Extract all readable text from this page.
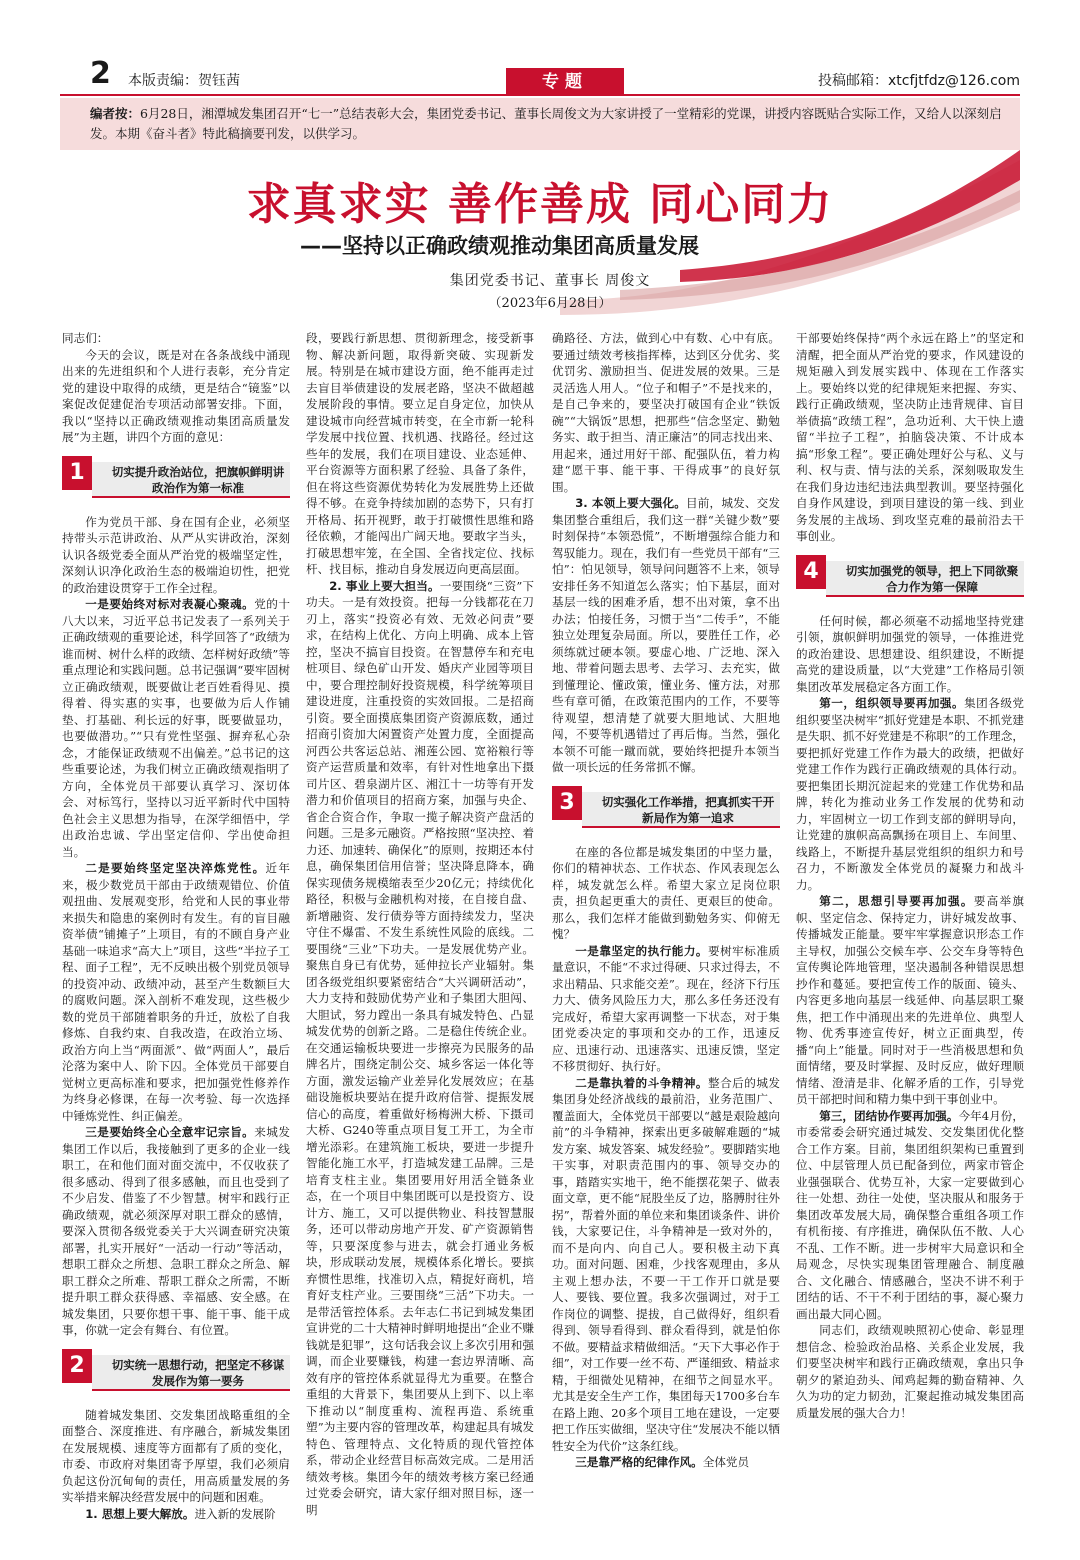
2 本版责编：贺钰茜	专题	投稿邮箱：xtcfjtfdz@126.com
编者按：6月28日，湘潭城发集团召开“七一”总结表彰大会，集团党委书记、董事长周俊文为大家讲授了一堂精彩的党课，讲授内容既贴合实际工作，又给人以深刻启发。本期《奋斗者》特此稿摘要刊发，以供学习。
求真求实 善作善成 同心同力
——坚持以正确政绩观推动集团高质量发展
集团党委书记、董事长 周俊文
（2023年6月28日）

同志们：

今天的会议，既是对在各条战线中涌现出来的先进组织和个人进行表彰，充分肯定党的建设中取得的成绩，更是结合“镜鉴”以案促改促建促治专项活动部署安排。下面，我以“坚持以正确政绩观推动集团高质量发展”为主题，讲四个方面的意见：

1	切实提升政治站位，把旗帜鲜明讲政治作为第一标准

作为党员干部、身在国有企业，必须坚持带头示范讲政治、从严从实讲政治，深刻认识各级党委全面从严治党的极端坚定性，深刻认识净化政治生态的极端迫切性，把党的政治建设贯穿于工作全过程。

一是要始终对标对表凝心聚魂。党的十八大以来，习近平总书记发表了一系列关于正确政绩观的重要论述，科学回答了“政绩为谁而树、树什么样的政绩、怎样树好政绩”等重点理论和实践问题。总书记强调“要牢固树立正确政绩观，既要做让老百姓看得见、摸得着、得实惠的实事，也要做为后人作铺垫、打基础、利长远的好事，既要做显功，也要做潜功。”“只有党性坚强、摒弃私心杂念，才能保证政绩观不出偏差。”总书记的这些重要论述，为我们树立正确政绩观指明了方向，全体党员干部要认真学习、深切体会、对标笃行，坚持以习近平新时代中国特色社会主义思想为指导，在深学细悟中，学出政治忠诚、学出坚定信仰、学出使命担当。

二是要始终坚定坚决淬炼党性。近年来，极少数党员干部由于政绩观错位、价值观扭曲、发展观变形，给党和人民的事业带来损失和隐患的案例时有发生。有的盲目融资举债“铺摊子”上项目，有的不顾自身产业基础一味追求“高大上”项目，这些“半拉子工程、面子工程”，无不反映出极个别党员领导的投资冲动、政绩冲动，甚至产生数额巨大的腐败问题。深入剖析不难发现，这些极少数的党员干部随着职务的升迁，放松了自我修炼、自我约束、自我改造，在政治立场、政治方向上当“两面派”、做“两面人”，最后沦落为案中人、阶下囚。全体党员干部要自觉树立更高标准和要求，把加强党性修养作为终身必修课，在每一次考验、每一次选择中锤炼党性、纠正偏差。

三是要始终全心全意牢记宗旨。来城发集团工作以后，我接触到了更多的企业一线职工，在和他们面对面交流中，不仅收获了很多感动、得到了很多感触，而且也受到了不少启发、借鉴了不少智慧。树牢和践行正确政绩观，就必须深厚对职工群众的感情，要深入贯彻各级党委关于大兴调查研究决策部署，扎实开展好“一活动一行动”等活动，想职工群众之所想、急职工群众之所急、解职工群众之所难、帮职工群众之所需，不断提升职工群众获得感、幸福感、安全感。在城发集团，只要你想干事、能干事、能干成事，你就一定会有舞台、有位置。

2	切实统一思想行动，把坚定不移谋发展作为第一要务

随着城发集团、交发集团战略重组的全面整合、深度推进、有序融合，新城发集团在发展规模、速度等方面都有了质的变化，市委、市政府对集团寄予厚望，我们必须肩负起这份沉甸甸的责任，用高质量发展的务实举措来解决经营发展中的问题和困难。

1. 思想上要大解放。进入新的发展阶

段，要践行新思想、贯彻新理念，接受新事物、解决新问题，取得新突破、实现新发展。特别是在城市建设方面，绝不能再走过去盲目举债建设的发展老路，坚决不做超越发展阶段的事情。要立足自身定位，加快从建设城市向经营城市转变，在全市新一轮科学发展中找位置、找机遇、找路径。经过这些年的发展，我们在项目建设、业态延伸、平台资源等方面积累了经验、具备了条件，但在将这些资源优势转化为发展胜势上还做得不够。在竞争持续加剧的态势下，只有打开格局、拓开视野，敢于打破惯性思维和路径依赖，才能闯出广阔天地。要敢字当头，打破思想牢笼，在全国、全省找定位、找标杆、找目标，推动自身发展迈向更高层面。

2. 事业上要大担当。一要围绕“三资”下功夫。一是有效投资。把每一分钱都花在刀刃上，落实“投资必有效、无效必问责”要求，在结构上优化、方向上明确、成本上管控，坚决不搞盲目投资。在智慧停车和充电桩项目、绿色矿山开发、婚庆产业园等项目中，要合理控制好投资规模，科学统筹项目建设进度，注重投资的实效回报。二是招商引资。要全面摸底集团资产资源底数，通过招商引资加大闲置资产处置力度，全面提高河西公共客运总站、湘莲公园、宽裕粮行等资产运营质量和效率，有针对性地拿出下摄司片区、碧泉湖片区、湘江十一坊等有开发潜力和价值项目的招商方案，加强与央企、省企合资合作，争取一揽子解决资产盘活的问题。三是多元融资。严格按照“坚决控、着力还、加速转、确保化”的原则，按期还本付息，确保集团信用信誉；坚决降息降本，确保实现债务规模缩表至少20亿元；持续优化路径，积极与金融机构对接，在自接自盘、新增融资、发行债券等方面持续发力，坚决守住不爆雷、不发生系统性风险的底线。二要围绕“三业”下功夫。一是发展优势产业。聚焦自身已有优势，延伸拉长产业辐射。集团各级党组织要紧密结合“大兴调研活动”，大力支持和鼓励优势产业和子集团大胆闯、大胆试，努力蹚出一条具有城发特色、凸显城发优势的创新之路。二是稳住传统企业。在交通运输板块要进一步擦亮为民服务的品牌名片，围绕定制公交、城乡客运一体化等方面，激发运输产业差异化发展效应；在基础设施板块要站在提升政府信誉、提振发展信心的高度，着重做好杨梅洲大桥、下摄司大桥、G240等重点项目复工开工，为全市增光添彩。在建筑施工板块，要进一步提升智能化施工水平，打造城发建工品牌。三是培育支柱主业。集团要用好用活全链条业态，在一个项目中集团既可以是投资方、设计方、施工，又可以提供物业、科技智慧服务，还可以带动房地产开发、矿产资源销售等，只要深度参与进去，就会打通业务板块，形成联动发展，规模体系化增长。要摈弃惯性思维，找准切入点，精捉好商机，培育好支柱产业。三要围绕“三活”下功夫。一是带活管控体系。去年志仁书记到城发集团宣讲党的二十大精神时鲜明地提出“企业不赚钱就是犯罪”，这句话我会议上多次引用和强调，而企业要赚钱，构建一套边界清晰、高效有序的管控体系就显得尤为重要。在整合重组的大背景下，集团要从上到下、以上率下推动以“制度重构、流程再造、系统重塑”为主要内容的管理改革，构建起具有城发特色、管理特点、文化特质的现代管控体系，带动企业经营目标高效完成。二是用活绩效考核。集团今年的绩效考核方案已经通过党委会研究，请大家仔细对照目标，逐一明

确路径、方法，做到心中有数、心中有底。要通过绩效考核指挥棒，达到区分优劣、奖优罚劣、激励担当、促进发展的效果。三是灵活选人用人。“位子和帽子”不是找来的，是自己争来的，要坚决打破国有企业“铁饭碗”“大锅饭”思想，把那些“信念坚定、勤勉务实、敢于担当、清正廉洁”的同志找出来、用起来，通过用好干部、配强队伍，着力构建“愿干事、能干事、干得成事”的良好氛围。

3. 本领上要大强化。目前，城发、交发集团整合重组后，我们这一群“关键少数”要时刻保持“本领恐慌”，不断增强综合能力和驾驭能力。现在，我们有一些党员干部有“三怕”：怕见领导，领导问问题答不上来，领导安排任务不知道怎么落实；怕下基层，面对基层一线的困难矛盾，想不出对策，拿不出办法；怕接任务，习惯于当“二传手”，不能独立处理复杂局面。所以，要胜任工作，必须练就过硬本领。要虚心地、广泛地、深入地、带着问题去思考、去学习、去充实，做到懂理论、懂政策，懂业务、懂方法，对那些有章可循，在政策范围内的工作，不要等待观望，想清楚了就要大胆地试、大胆地闯，不要等机遇错过了再后悔。当然，强化本领不可能一蹴而就，要始终把提升本领当做一项长远的任务常抓不懈。

3	切实强化工作举措，把真抓实干开新局作为第一追求

在座的各位都是城发集团的中坚力量，你们的精神状态、工作状态、作风表现怎么样，城发就怎么样。希望大家立足岗位职责，担负起更重大的责任、更艰巨的使命。那么，我们怎样才能做到勤勉务实、仰俯无愧？

一是靠坚定的执行能力。要树牢标准质量意识，不能“不求过得硬、只求过得去，不求出精品、只求能交差”。现在，经济下行压力大、债务风险压力大，那么多任务还没有完成好，希望大家再调整一下状态，对于集团党委决定的事项和交办的工作，迅速反应、迅速行动、迅速落实、迅速反馈，坚定不移贯彻好、执行好。

二是靠执着的斗争精神。整合后的城发集团身处经济战线的最前沿，业务范围广、覆盖面大，全体党员干部要以“越是艰险越向前”的斗争精神，探索出更多破解难题的“城发方案、城发答案、城发经验”。要脚踏实地干实事，对职责范围内的事、领导交办的事，踏踏实实地干，绝不能摆花架子、做表面文章，更不能“屁股坐反了边，胳膊肘往外拐”，帮着外面的单位来和集团谈条件、讲价钱，大家要记住，斗争精神是一致对外的，而不是向内、向自己人。要积极主动下真功。面对问题、困难，少找客观理由，多从主观上想办法，不要一干工作开口就是要人、要钱、要位置。我多次强调过，对于工作岗位的调整、提拔，自己做得好，组织看得到、领导看得到、群众看得到，就是怕你不做。要精益求精做细活。“天下大事必作于细”，对工作要一丝不苟、严谨细致、精益求精，于细微处见精神，在细节之间显水平。尤其是安全生产工作，集团每天1700多台车在路上跑、20多个项目工地在建设，一定要把工作压实做细，坚决守住“发展决不能以牺牲安全为代价”这条红线。

三是靠严格的纪律作风。全体党员

干部要始终保持“两个永远在路上”的坚定和清醒，把全面从严治党的要求，作风建设的规矩融入到发展实践中、体现在工作落实上。要始终以党的纪律规矩来把握、夯实、践行正确政绩观，坚决防止违背规律、盲目举债搞“政绩工程”，急功近利、大干快上遗留“半拉子工程”，拍脑袋决策、不计成本搞“形象工程”。要正确处理好公与私、义与利、权与责、情与法的关系，深刻吸取发生在我们身边违纪违法典型教训。要坚持强化自身作风建设，到项目建设的第一线、到业务发展的主战场、到攻坚克难的最前沿去干事创业。

4	切实加强党的领导，把上下同欲聚合力作为第一保障

任何时候，都必须毫不动摇地坚持党建引领，旗帜鲜明加强党的领导，一体推进党的政治建设、思想建设、组织建设，不断提高党的建设质量，以“大党建”工作格局引领集团改革发展稳定各方面工作。

第一，组织领导要再加强。集团各级党组织要坚决树牢“抓好党建是本职、不抓党建是失职、抓不好党建是不称职”的工作理念，要把抓好党建工作作为最大的政绩，把做好党建工作作为践行正确政绩观的具体行动。要把集团长期沉淀起来的党建工作优势和品牌，转化为推动业务工作发展的优势和动力，牢固树立一切工作到支部的鲜明导向，让党建的旗帜高高飘扬在项目上、车间里、线路上，不断提升基层党组织的组织力和号召力，不断激发全体党员的凝聚力和战斗力。

第二，思想引导要再加强。要高举旗帜、坚定信念、保持定力，讲好城发故事、传播城发正能量。要牢牢掌握意识形态工作主导权，加强公交候车亭、公交车身等特色宣传舆论阵地管理，坚决遏制各种错误思想抄作和蔓延。要把宣传工作的版面、镜头、内容更多地向基层一线延伸、向基层职工聚焦，把工作中涌现出来的先进单位、典型人物、优秀事迹宣传好，树立正面典型，传播“向上”能量。同时对于一些消极思想和负面情绪，要及时掌握、及时反应，做好理顺情绪、澄清是非、化解矛盾的工作，引导党员干部把时间和精力集中到干事创业中。

第三，团结协作要再加强。今年4月份，市委常委会研究通过城发、交发集团优化整合工作方案。目前，集团组织架构已重置到位、中层管理人员已配备到位，两家市管企业强强联合、优势互补，大家一定要做到心往一处想、劲往一处使，坚决服从和服务于集团改革发展大局，确保整合重组各项工作有机衔接、有序推进，确保队伍不散、人心不乱、工作不断。进一步树牢大局意识和全局观念，尽快实现集团管理融合、制度融合、文化融合、情感融合，坚决不讲不利于团结的话、不干不利于团结的事，凝心聚力画出最大同心圆。

同志们，政绩观映照初心使命、彰显理想信念、检验政治品格、关系企业发展，我们要坚决树牢和践行正确政绩观，拿出只争朝夕的紧迫劲头、闻鸡起舞的勤奋精神、久久为功的定力韧劲，汇聚起推动城发集团高质量发展的强大合力！
